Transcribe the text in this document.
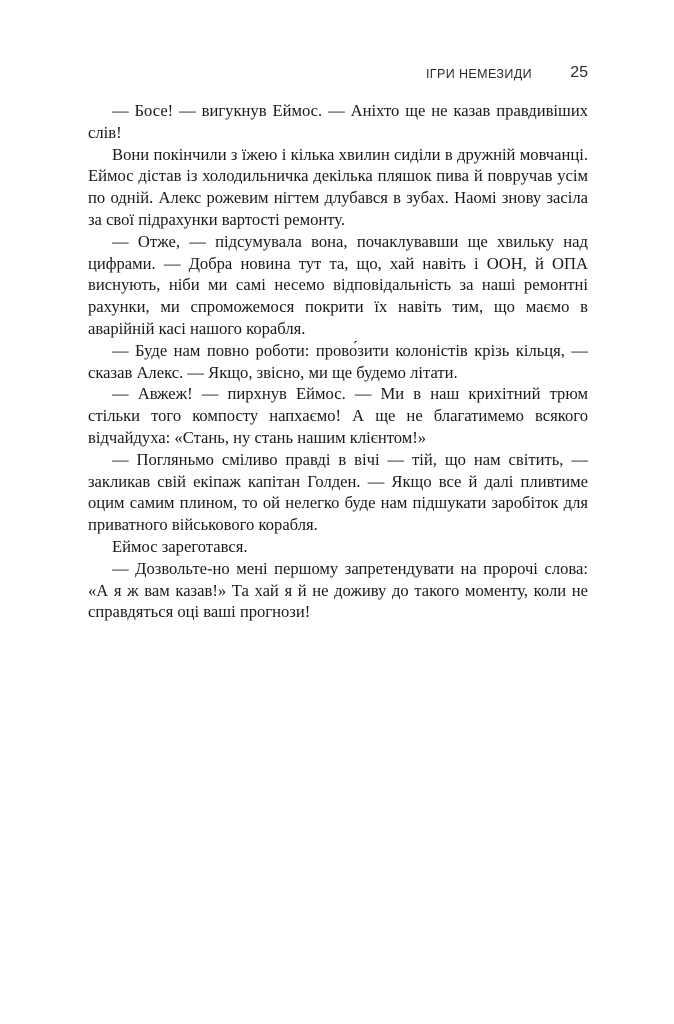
ІГРИ НЕМЕЗИДИ 25

— Босе! — вигукнув Еймос. — Аніхто ще не казав правдивіших слів!

Вони покінчили з їжею і кілька хвилин сиділи в дружній мовчанці. Еймос дістав із холодильничка декілька пляшок пива й повручав усім по одній. Алекс рожевим нігтем длубався в зубах. Наомі знову засіла за свої підрахунки вартості ремонту.

— Отже, — підсумувала вона, почаклувавши ще хвильку над цифрами. — Добра новина тут та, що, хай навіть і ООН, й ОПА виснують, ніби ми самі несемо відповідальність за наші ремонтні рахунки, ми спроможемося покрити їх навіть тим, що маємо в аварійній касі нашого корабля.

— Буде нам повно роботи: прово́зити колоністів крізь кільця, — сказав Алекс. — Якщо, звісно, ми ще будемо літати.

— Авжеж! — пирхнув Еймос. — Ми в наш крихітний трюм стільки того компосту напхаємо! А ще не благатимемо всякого відчайдуха: «Стань, ну стань нашим клієнтом!»

— Погляньмо сміливо правді в вічі — тій, що нам світить, — закликав свій екіпаж капітан Голден. — Якщо все й далі пливтиме оцим самим плином, то ой нелегко буде нам підшукати заробіток для приватного військового корабля.

Еймос зареготався.

— Дозвольте-но мені першому запретендувати на пророчі слова: «А я ж вам казав!» Та хай я й не доживу до такого моменту, коли не справдяться оці ваші прогнози!
